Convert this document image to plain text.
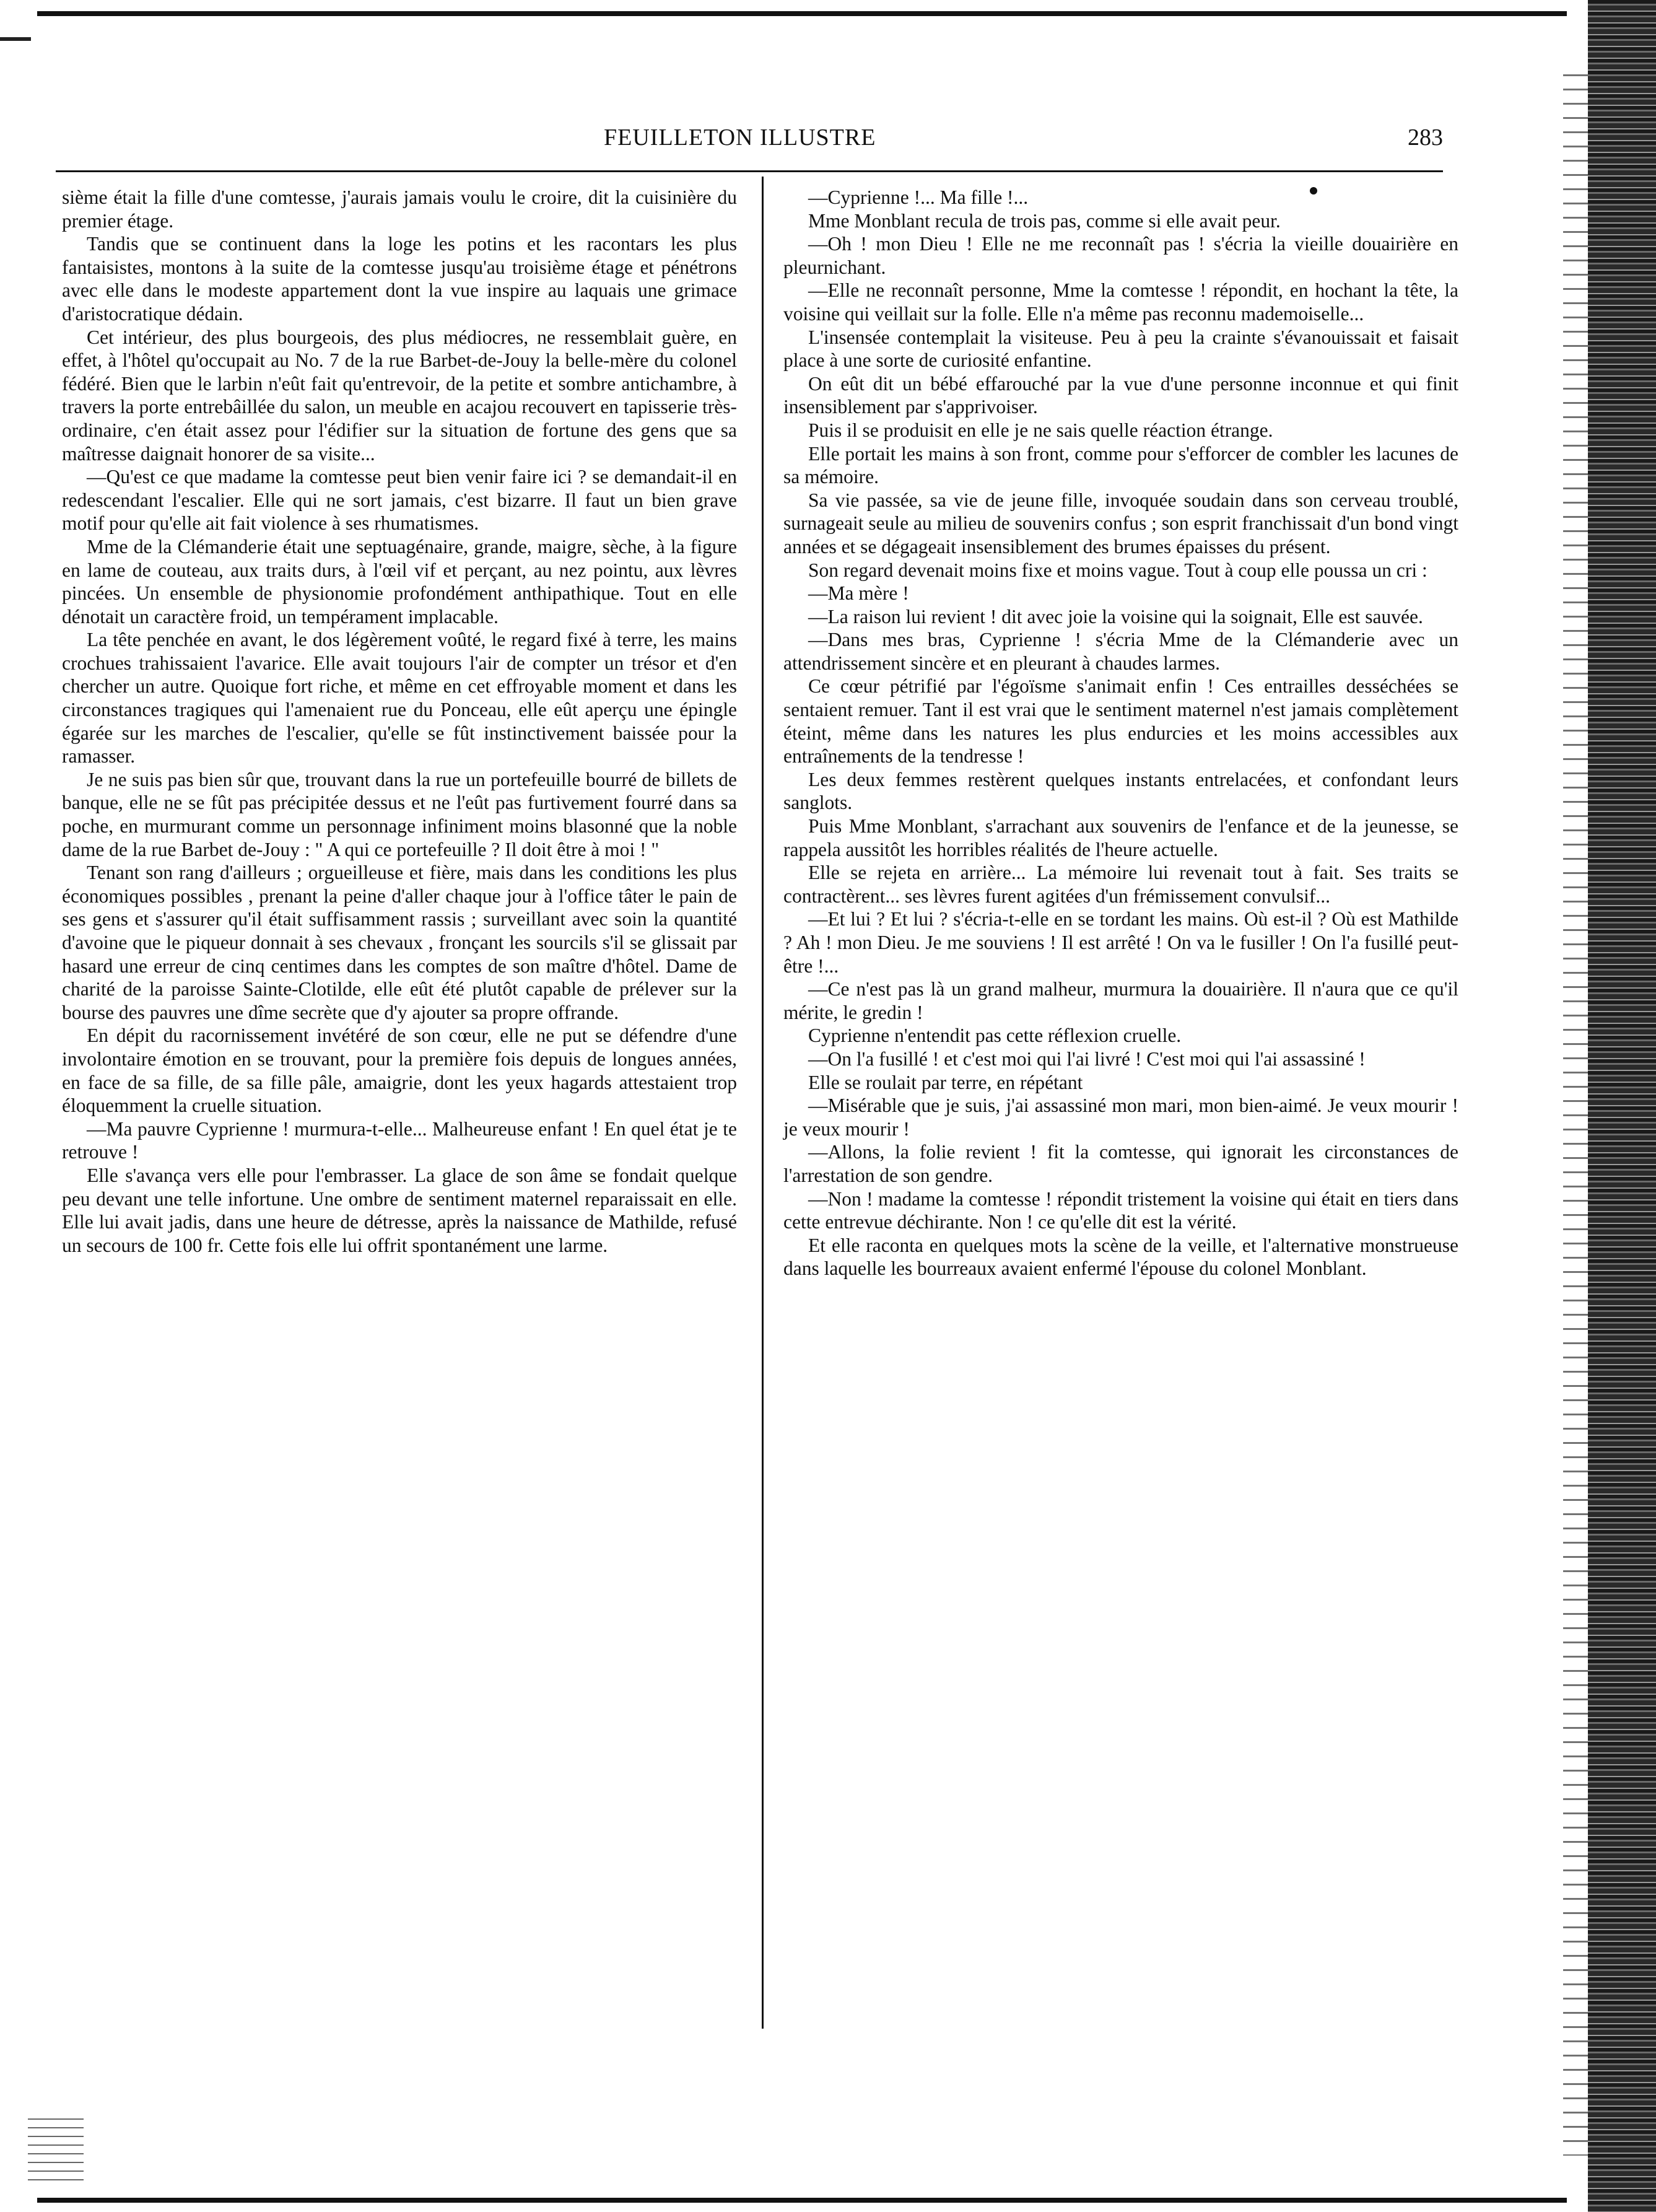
FEUILLETON ILLUSTRE	283

sième était la fille d'une comtesse, j'aurais jamais voulu le croire, dit la cuisinière du premier étage.

Tandis que se continuent dans la loge les potins et les racontars les plus fantaisistes, montons à la suite de la comtesse jusqu'au troisième étage et pénétrons avec elle dans le modeste appartement dont la vue inspire au laquais une grimace d'aristocratique dédain.

Cet intérieur, des plus bourgeois, des plus médiocres, ne ressemblait guère, en effet, à l'hôtel qu'occupait au No. 7 de la rue Barbet-de-Jouy la belle-mère du colonel fédéré. Bien que le larbin n'eût fait qu'entrevoir, de la petite et sombre antichambre, à travers la porte entrebâillée du salon, un meuble en acajou recouvert en tapisserie très-ordinaire, c'en était assez pour l'édifier sur la situation de fortune des gens que sa maîtresse daignait honorer de sa visite...

—Qu'est ce que madame la comtesse peut bien venir faire ici ? se demandait-il en redescendant l'escalier. Elle qui ne sort jamais, c'est bizarre. Il faut un bien grave motif pour qu'elle ait fait violence à ses rhumatismes.

Mme de la Clémanderie était une septuagénaire, grande, maigre, sèche, à la figure en lame de couteau, aux traits durs, à l'œil vif et perçant, au nez pointu, aux lèvres pincées. Un ensemble de physionomie profondément anthipathique. Tout en elle dénotait un caractère froid, un tempérament implacable.

La tête penchée en avant, le dos légèrement voûté, le regard fixé à terre, les mains crochues trahissaient l'avarice. Elle avait toujours l'air de compter un trésor et d'en chercher un autre. Quoique fort riche, et même en cet effroyable moment et dans les circonstances tragiques qui l'amenaient rue du Ponceau, elle eût aperçu une épingle égarée sur les marches de l'escalier, qu'elle se fût instinctivement baissée pour la ramasser.

Je ne suis pas bien sûr que, trouvant dans la rue un portefeuille bourré de billets de banque, elle ne se fût pas précipitée dessus et ne l'eût pas furtivement fourré dans sa poche, en murmurant comme un personnage infiniment moins blasonné que la noble dame de la rue Barbet de-Jouy : " A qui ce portefeuille ? Il doit être à moi ! "

Tenant son rang d'ailleurs ; orgueilleuse et fière, mais dans les conditions les plus économiques possibles , prenant la peine d'aller chaque jour à l'office tâter le pain de ses gens et s'assurer qu'il était suffisamment rassis ; surveillant avec soin la quantité d'avoine que le piqueur donnait à ses chevaux , fronçant les sourcils s'il se glissait par hasard une erreur de cinq centimes dans les comptes de son maître d'hôtel. Dame de charité de la paroisse Sainte-Clotilde, elle eût été plutôt capable de prélever sur la bourse des pauvres une dîme secrète que d'y ajouter sa propre offrande.

En dépit du racornissement invétéré de son cœur, elle ne put se défendre d'une involontaire émotion en se trouvant, pour la première fois depuis de longues années, en face de sa fille, de sa fille pâle, amaigrie, dont les yeux hagards attestaient trop éloquemment la cruelle situation.

—Ma pauvre Cyprienne ! murmura-t-elle... Malheureuse enfant ! En quel état je te retrouve !

Elle s'avança vers elle pour l'embrasser. La glace de son âme se fondait quelque peu devant une telle infortune. Une ombre de sentiment maternel reparaissait en elle. Elle lui avait jadis, dans une heure de détresse, après la naissance de Mathilde, refusé un secours de 100 fr. Cette fois elle lui offrit spontanément une larme.

—Cyprienne !... Ma fille !...

Mme Monblant recula de trois pas, comme si elle avait peur.

—Oh ! mon Dieu ! Elle ne me reconnaît pas ! s'écria la vieille douairière en pleurnichant.

—Elle ne reconnaît personne, Mme la comtesse ! répondit, en hochant la tête, la voisine qui veillait sur la folle. Elle n'a même pas reconnu mademoiselle...

L'insensée contemplait la visiteuse. Peu à peu la crainte s'évanouissait et faisait place à une sorte de curiosité enfantine.

On eût dit un bébé effarouché par la vue d'une personne inconnue et qui finit insensiblement par s'apprivoiser.

Puis il se produisit en elle je ne sais quelle réaction étrange.

Elle portait les mains à son front, comme pour s'efforcer de combler les lacunes de sa mémoire.

Sa vie passée, sa vie de jeune fille, invoquée soudain dans son cerveau troublé, surnageait seule au milieu de souvenirs confus ; son esprit franchissait d'un bond vingt années et se dégageait insensiblement des brumes épaisses du présent.

Son regard devenait moins fixe et moins vague. Tout à coup elle poussa un cri :

—Ma mère !

—La raison lui revient ! dit avec joie la voisine qui la soignait, Elle est sauvée.

—Dans mes bras, Cyprienne ! s'écria Mme de la Clémanderie avec un attendrissement sincère et en pleurant à chaudes larmes.

Ce cœur pétrifié par l'égoïsme s'animait enfin ! Ces entrailles desséchées se sentaient remuer. Tant il est vrai que le sentiment maternel n'est jamais complètement éteint, même dans les natures les plus endurcies et les moins accessibles aux entraînements de la tendresse !

Les deux femmes restèrent quelques instants entrelacées, et confondant leurs sanglots.

Puis Mme Monblant, s'arrachant aux souvenirs de l'enfance et de la jeunesse, se rappela aussitôt les horribles réalités de l'heure actuelle.

Elle se rejeta en arrière... La mémoire lui revenait tout à fait. Ses traits se contractèrent... ses lèvres furent agitées d'un frémissement convulsif...

—Et lui ? Et lui ? s'écria-t-elle en se tordant les mains. Où est-il ? Où est Mathilde ? Ah ! mon Dieu. Je me souviens ! Il est arrêté ! On va le fusiller ! On l'a fusillé peut-être !...

—Ce n'est pas là un grand malheur, murmura la douairière. Il n'aura que ce qu'il mérite, le gredin !

Cyprienne n'entendit pas cette réflexion cruelle.

—On l'a fusillé ! et c'est moi qui l'ai livré ! C'est moi qui l'ai assassiné !

Elle se roulait par terre, en répétant

—Misérable que je suis, j'ai assassiné mon mari, mon bien-aimé. Je veux mourir ! je veux mourir !

—Allons, la folie revient ! fit la comtesse, qui ignorait les circonstances de l'arrestation de son gendre.

—Non ! madame la comtesse ! répondit tristement la voisine qui était en tiers dans cette entrevue déchirante. Non ! ce qu'elle dit est la vérité.

Et elle raconta en quelques mots la scène de la veille, et l'alternative monstrueuse dans laquelle les bourreaux avaient enfermé l'épouse du colonel Monblant.
